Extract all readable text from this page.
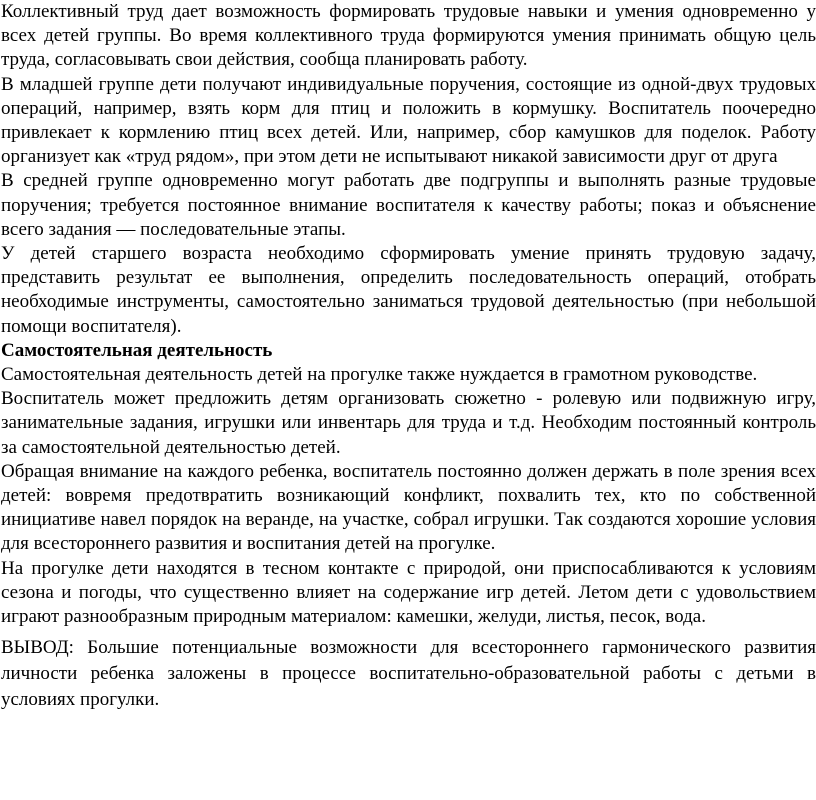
Коллективный труд дает возможность формировать трудовые навыки и умения одновременно у всех детей группы. Во время коллективного труда формируются умения принимать общую цель труда, согласовывать свои действия, сообща планировать работу.

В младшей группе дети получают индивидуальные поручения, состоящие из одной-двух трудовых операций, например, взять корм для птиц и положить в кормушку. Воспитатель поочередно привлекает к кормлению птиц всех детей. Или, например, сбор камушков для поделок. Работу организует как «труд рядом», при этом дети не испытывают никакой зависимости друг от друга

В средней группе одновременно могут работать две подгруппы и выполнять разные трудовые поручения; требуется постоянное внимание воспитателя к качеству работы; показ и объяснение всего задания — последовательные этапы.

У детей старшего возраста необходимо сформировать умение принять трудовую задачу, представить результат ее выполнения, определить последовательность операций, отобрать необходимые инструменты, самостоятельно заниматься трудовой деятельностью (при небольшой помощи воспитателя).

Самостоятельная деятельность

Самостоятельная деятельность детей на прогулке также нуждается в грамотном руководстве.

Воспитатель может предложить детям организовать сюжетно - ролевую или подвижную игру, занимательные задания, игрушки или инвентарь для труда и т.д. Необходим постоянный контроль за самостоятельной деятельностью детей.

Обращая внимание на каждого ребенка, воспитатель постоянно должен держать в поле зрения всех детей: вовремя предотвратить возникающий конфликт, похвалить тех, кто по собственной инициативе навел порядок на веранде, на участке, собрал игрушки. Так создаются хорошие условия для всестороннего развития и воспитания детей на прогулке.

На прогулке дети находятся в тесном контакте с природой, они приспосабливаются к условиям сезона и погоды, что существенно влияет на содержание игр детей. Летом дети с удовольствием играют разнообразным природным материалом: камешки, желуди, листья, песок, вода.

ВЫВОД: Большие потенциальные возможности для всестороннего гармонического развития личности ребенка заложены в процессе воспитательно-образовательной работы с детьми в условиях прогулки.
